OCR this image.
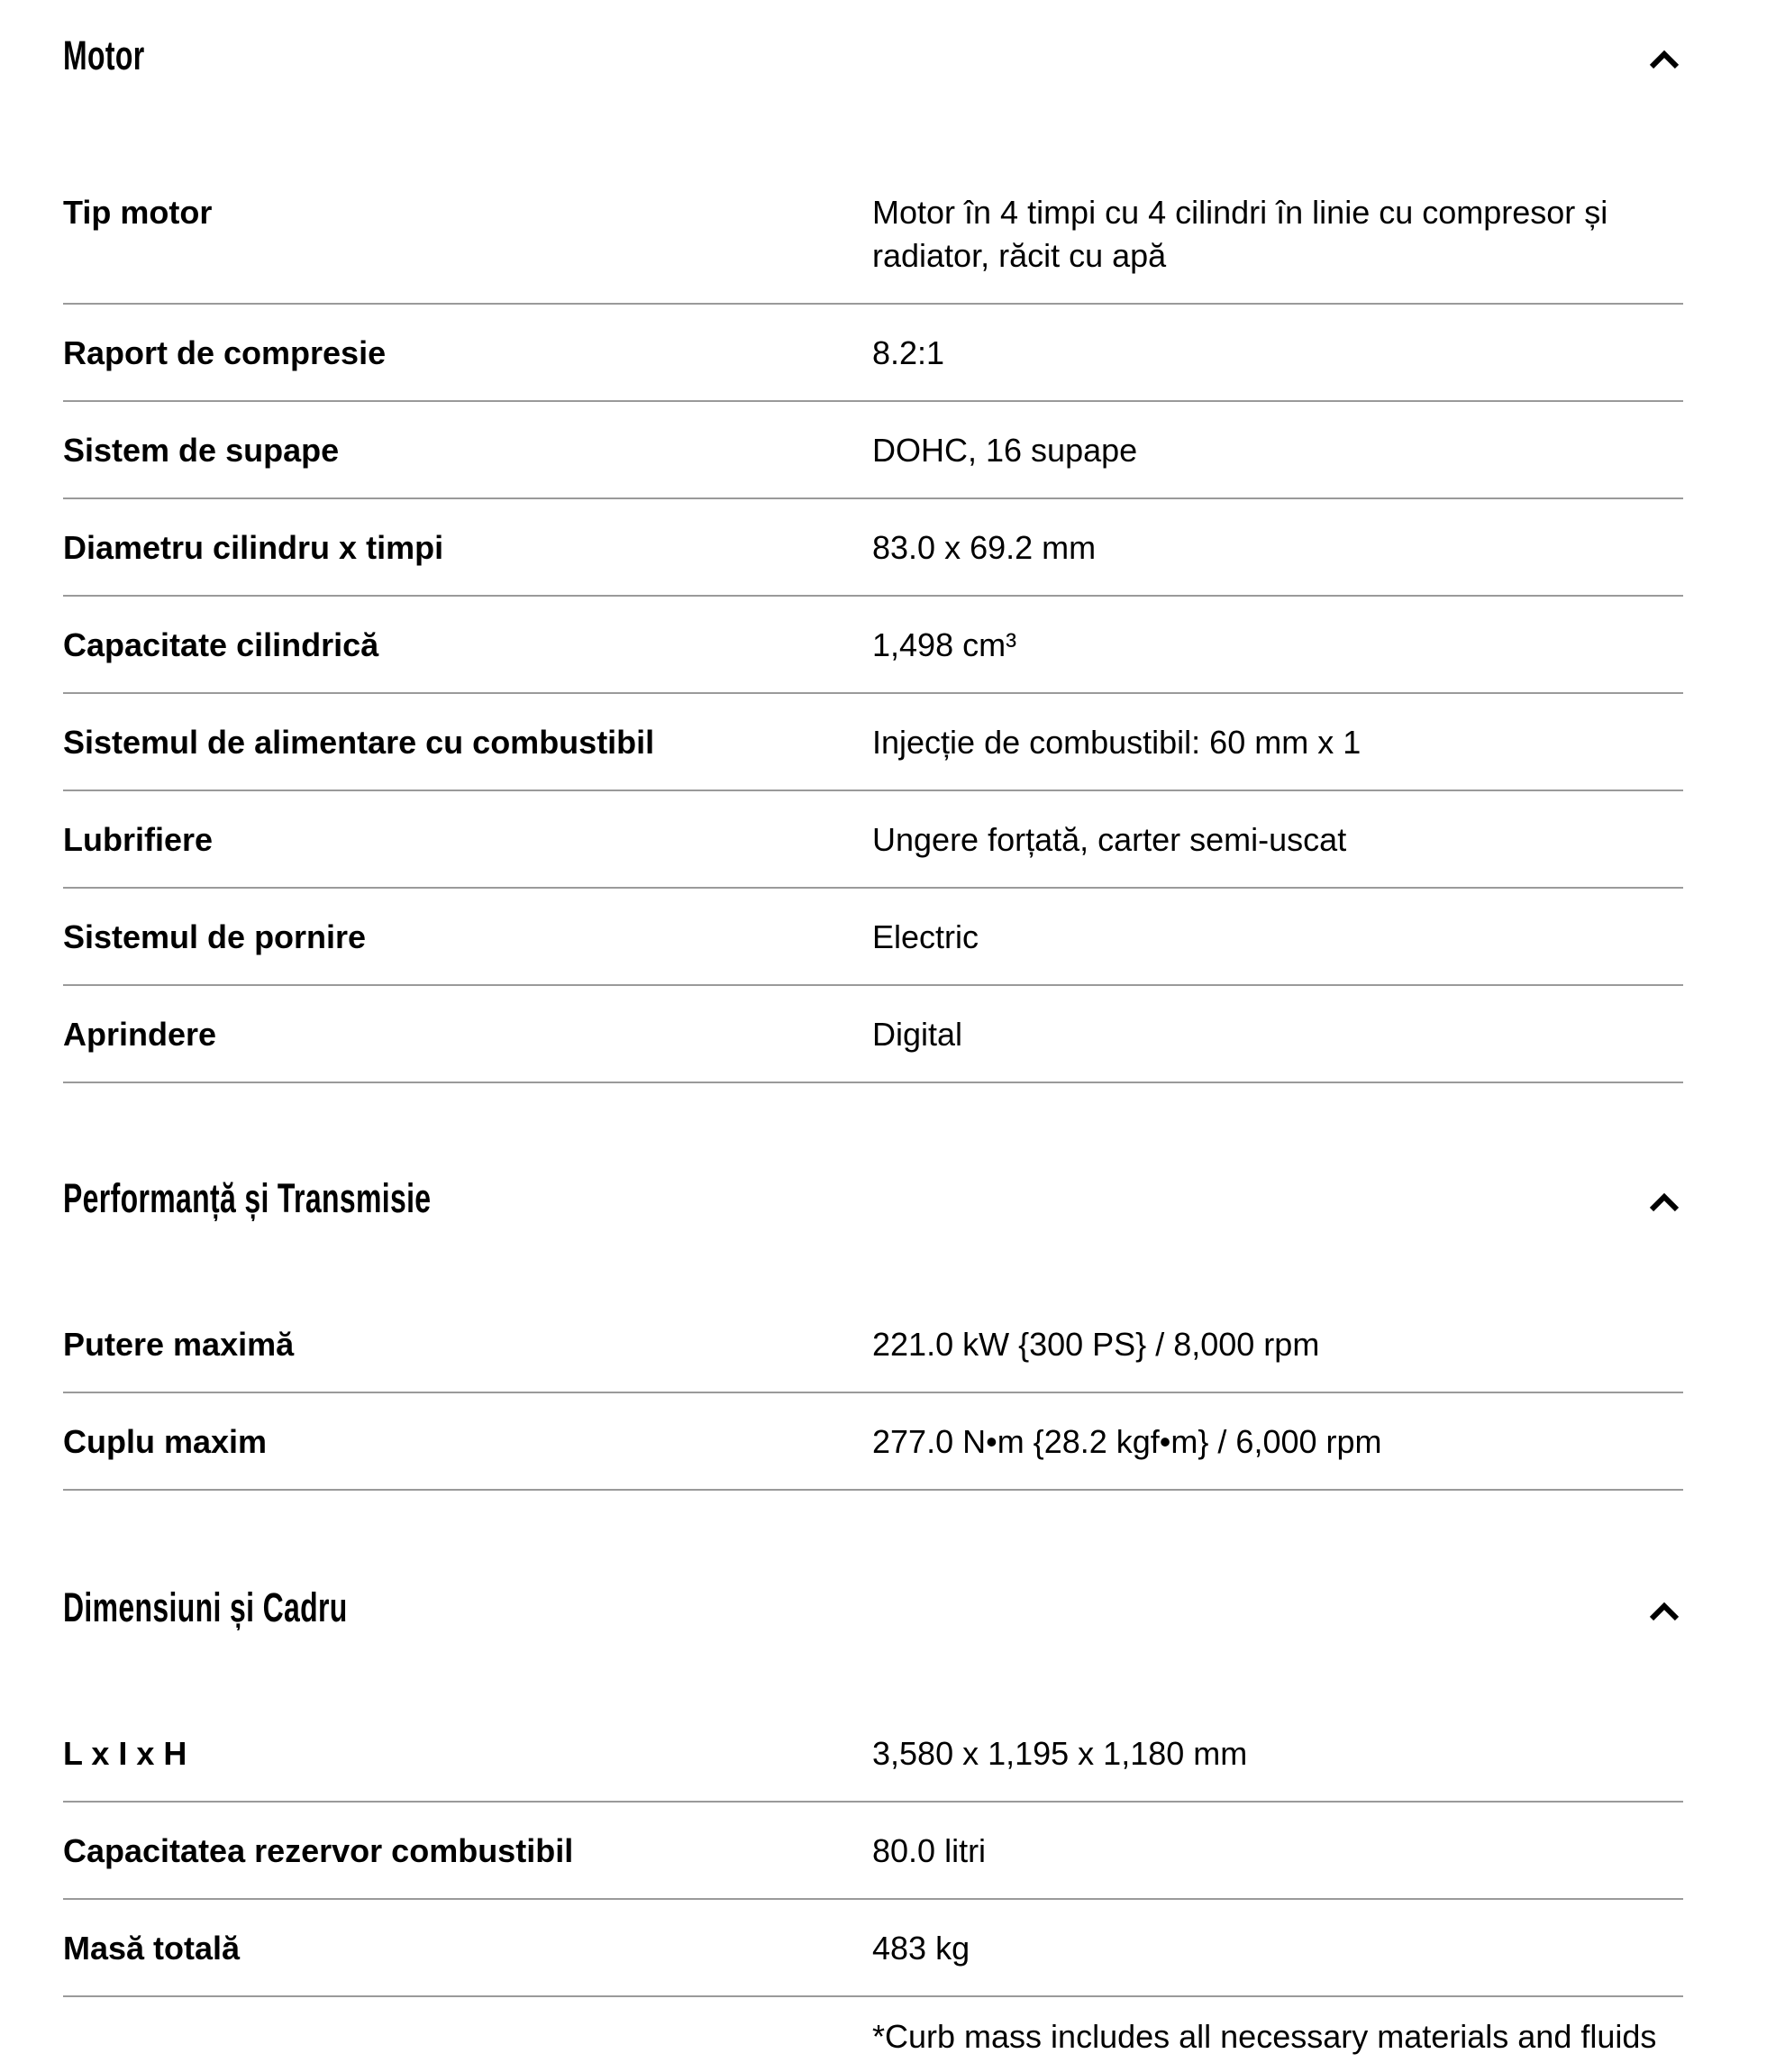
Motor
Tip motor	Motor în 4 timpi cu 4 cilindri în linie cu compresor și radiator, răcit cu apă
Raport de compresie	8.2:1
Sistem de supape	DOHC, 16 supape
Diametru cilindru x timpi	83.0 x 69.2 mm
Capacitate cilindrică	1,498 cm³
Sistemul de alimentare cu combustibil	Injecție de combustibil: 60 mm x 1
Lubrifiere	Ungere forțată, carter semi-uscat
Sistemul de pornire	Electric
Aprindere	Digital
Performanță și Transmisie
Putere maximă	221.0 kW {300 PS} / 8,000 rpm
Cuplu maxim	277.0 N•m {28.2 kgf•m} / 6,000 rpm
Dimensiuni și Cadru
L x I x H	3,580 x 1,195 x 1,180 mm
Capacitatea rezervor combustibil	80.0 litri
Masă totală	483 kg
*Curb mass includes all necessary materials and fluids
